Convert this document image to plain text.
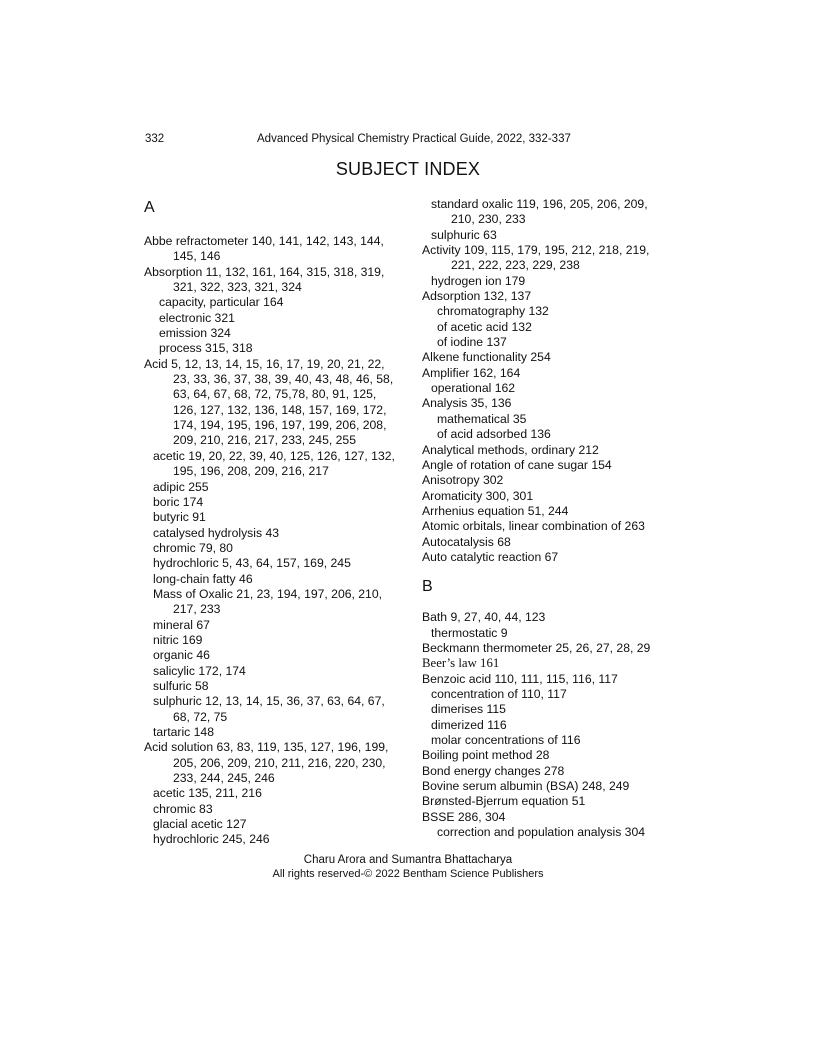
332	Advanced Physical Chemistry Practical Guide, 2022, 332-337
SUBJECT INDEX
A
Abbe refractometer 140, 141, 142, 143, 144,
145, 146
Absorption 11, 132, 161, 164, 315, 318, 319,
321, 322, 323, 321, 324
capacity, particular 164
electronic 321
emission 324
process 315, 318
Acid 5, 12, 13, 14, 15, 16, 17, 19, 20, 21, 22,
23, 33, 36, 37, 38, 39, 40, 43, 48, 46, 58,
63, 64, 67, 68, 72, 75,78, 80, 91, 125,
126, 127, 132, 136, 148, 157, 169, 172,
174, 194, 195, 196, 197, 199, 206, 208,
209, 210, 216, 217, 233, 245, 255
acetic 19, 20, 22, 39, 40, 125, 126, 127, 132,
195, 196, 208, 209, 216, 217
adipic 255
boric 174
butyric 91
catalysed hydrolysis 43
chromic 79, 80
hydrochloric 5, 43, 64, 157, 169, 245
long-chain fatty 46
Mass of Oxalic 21, 23, 194, 197, 206, 210,
217, 233
mineral 67
nitric 169
organic 46
salicylic 172, 174
sulfuric 58
sulphuric 12, 13, 14, 15, 36, 37, 63, 64, 67,
68, 72, 75
tartaric 148
Acid solution 63, 83, 119, 135, 127, 196, 199,
205, 206, 209, 210, 211, 216, 220, 230,
233, 244, 245, 246
acetic 135, 211, 216
chromic 83
glacial acetic 127
hydrochloric 245, 246
standard oxalic 119, 196, 205, 206, 209,
210, 230, 233
sulphuric 63
Activity 109, 115, 179, 195, 212, 218, 219,
221, 222, 223, 229, 238
hydrogen ion 179
Adsorption 132, 137
chromatography 132
of acetic acid 132
of iodine 137
Alkene functionality 254
Amplifier 162, 164
operational 162
Analysis 35, 136
mathematical 35
of acid adsorbed 136
Analytical methods, ordinary 212
Angle of rotation of cane sugar 154
Anisotropy 302
Aromaticity 300, 301
Arrhenius equation 51, 244
Atomic orbitals, linear combination of 263
Autocatalysis 68
Auto catalytic reaction 67
B
Bath 9, 27, 40, 44, 123
thermostatic 9
Beckmann thermometer 25, 26, 27, 28, 29
Beer’s law 161
Benzoic acid 110, 111, 115, 116, 117
concentration of 110, 117
dimerises 115
dimerized 116
molar concentrations of 116
Boiling point method 28
Bond energy changes 278
Bovine serum albumin (BSA) 248, 249
Brønsted-Bjerrum equation 51
BSSE 286, 304
correction and population analysis 304
Charu Arora and Sumantra Bhattacharya
All rights reserved-© 2022 Bentham Science Publishers
